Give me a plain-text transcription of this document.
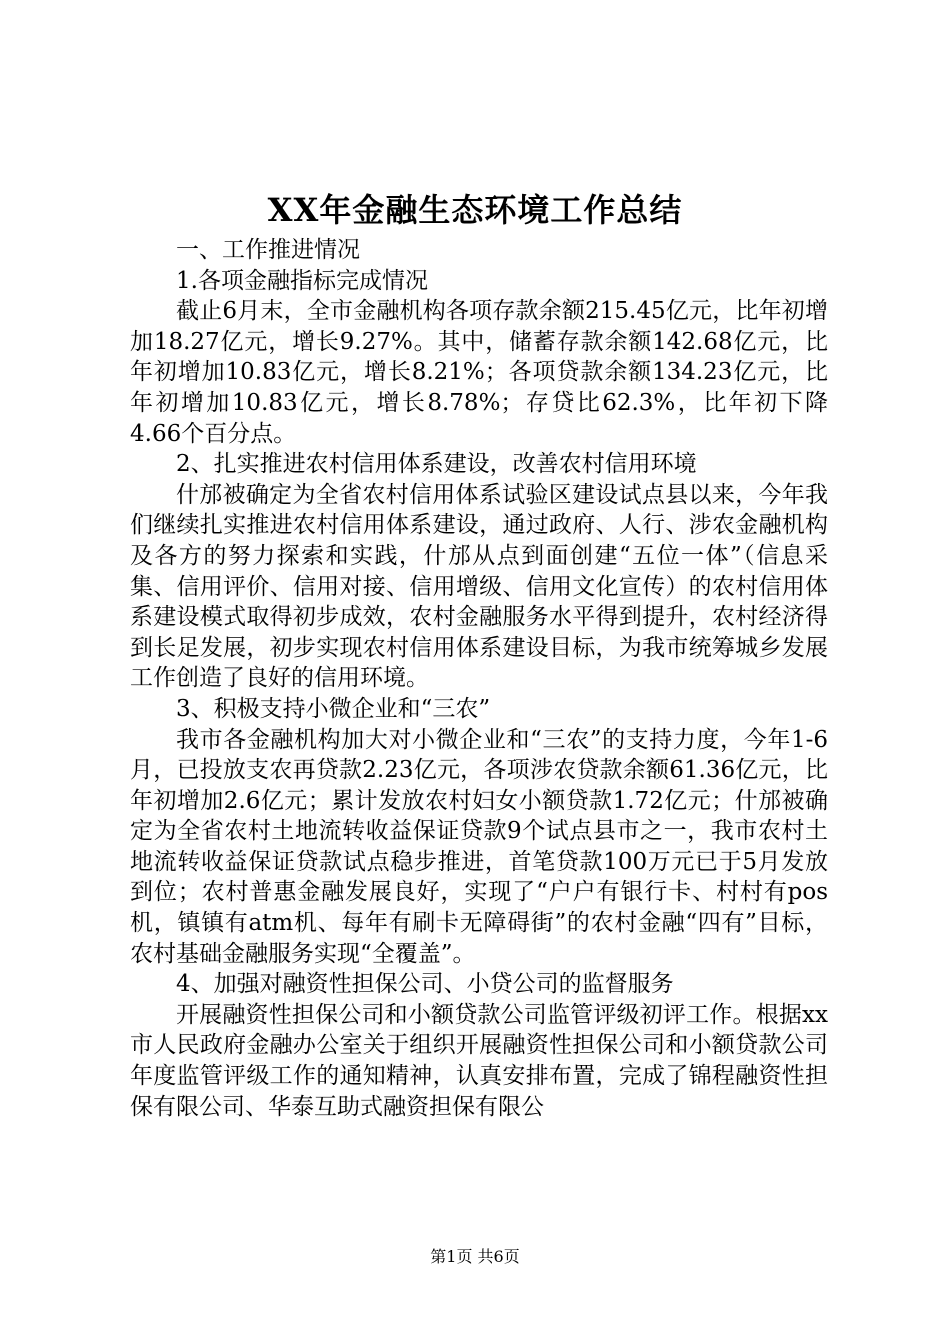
XX年金融生态环境工作总结

一、工作推进情况

1.各项金融指标完成情况

截止6月末，全市金融机构各项存款余额215.45亿元，比年初增加18.27亿元，增长9.27%。其中，储蓄存款余额142.68亿元，比年初增加10.83亿元，增长8.21%；各项贷款余额134.23亿元，比年初增加10.83亿元，增长8.78%；存贷比62.3%，比年初下降4.66个百分点。

2、扎实推进农村信用体系建设，改善农村信用环境

什邡被确定为全省农村信用体系试验区建设试点县以来，今年我们继续扎实推进农村信用体系建设，通过政府、人行、涉农金融机构及各方的努力探索和实践，什邡从点到面创建“五位一体”（信息采集、信用评价、信用对接、信用增级、信用文化宣传）的农村信用体系建设模式取得初步成效，农村金融服务水平得到提升，农村经济得到长足发展，初步实现农村信用体系建设目标，为我市统筹城乡发展工作创造了良好的信用环境。

3、积极支持小微企业和“三农”

我市各金融机构加大对小微企业和“三农”的支持力度，今年1-6月，已投放支农再贷款2.23亿元，各项涉农贷款余额61.36亿元，比年初增加2.6亿元；累计发放农村妇女小额贷款1.72亿元；什邡被确定为全省农村土地流转收益保证贷款9个试点县市之一，我市农村土地流转收益保证贷款试点稳步推进，首笔贷款100万元已于5月发放到位；农村普惠金融发展良好，实现了“户户有银行卡、村村有pos机，镇镇有atm机、每年有刷卡无障碍街”的农村金融“四有”目标，农村基础金融服务实现“全覆盖”。

4、加强对融资性担保公司、小贷公司的监督服务

开展融资性担保公司和小额贷款公司监管评级初评工作。根据xx市人民政府金融办公室关于组织开展融资性担保公司和小额贷款公司年度监管评级工作的通知精神，认真安排布置，完成了锦程融资性担保有限公司、华泰互助式融资担保有限公

第1页 共6页
